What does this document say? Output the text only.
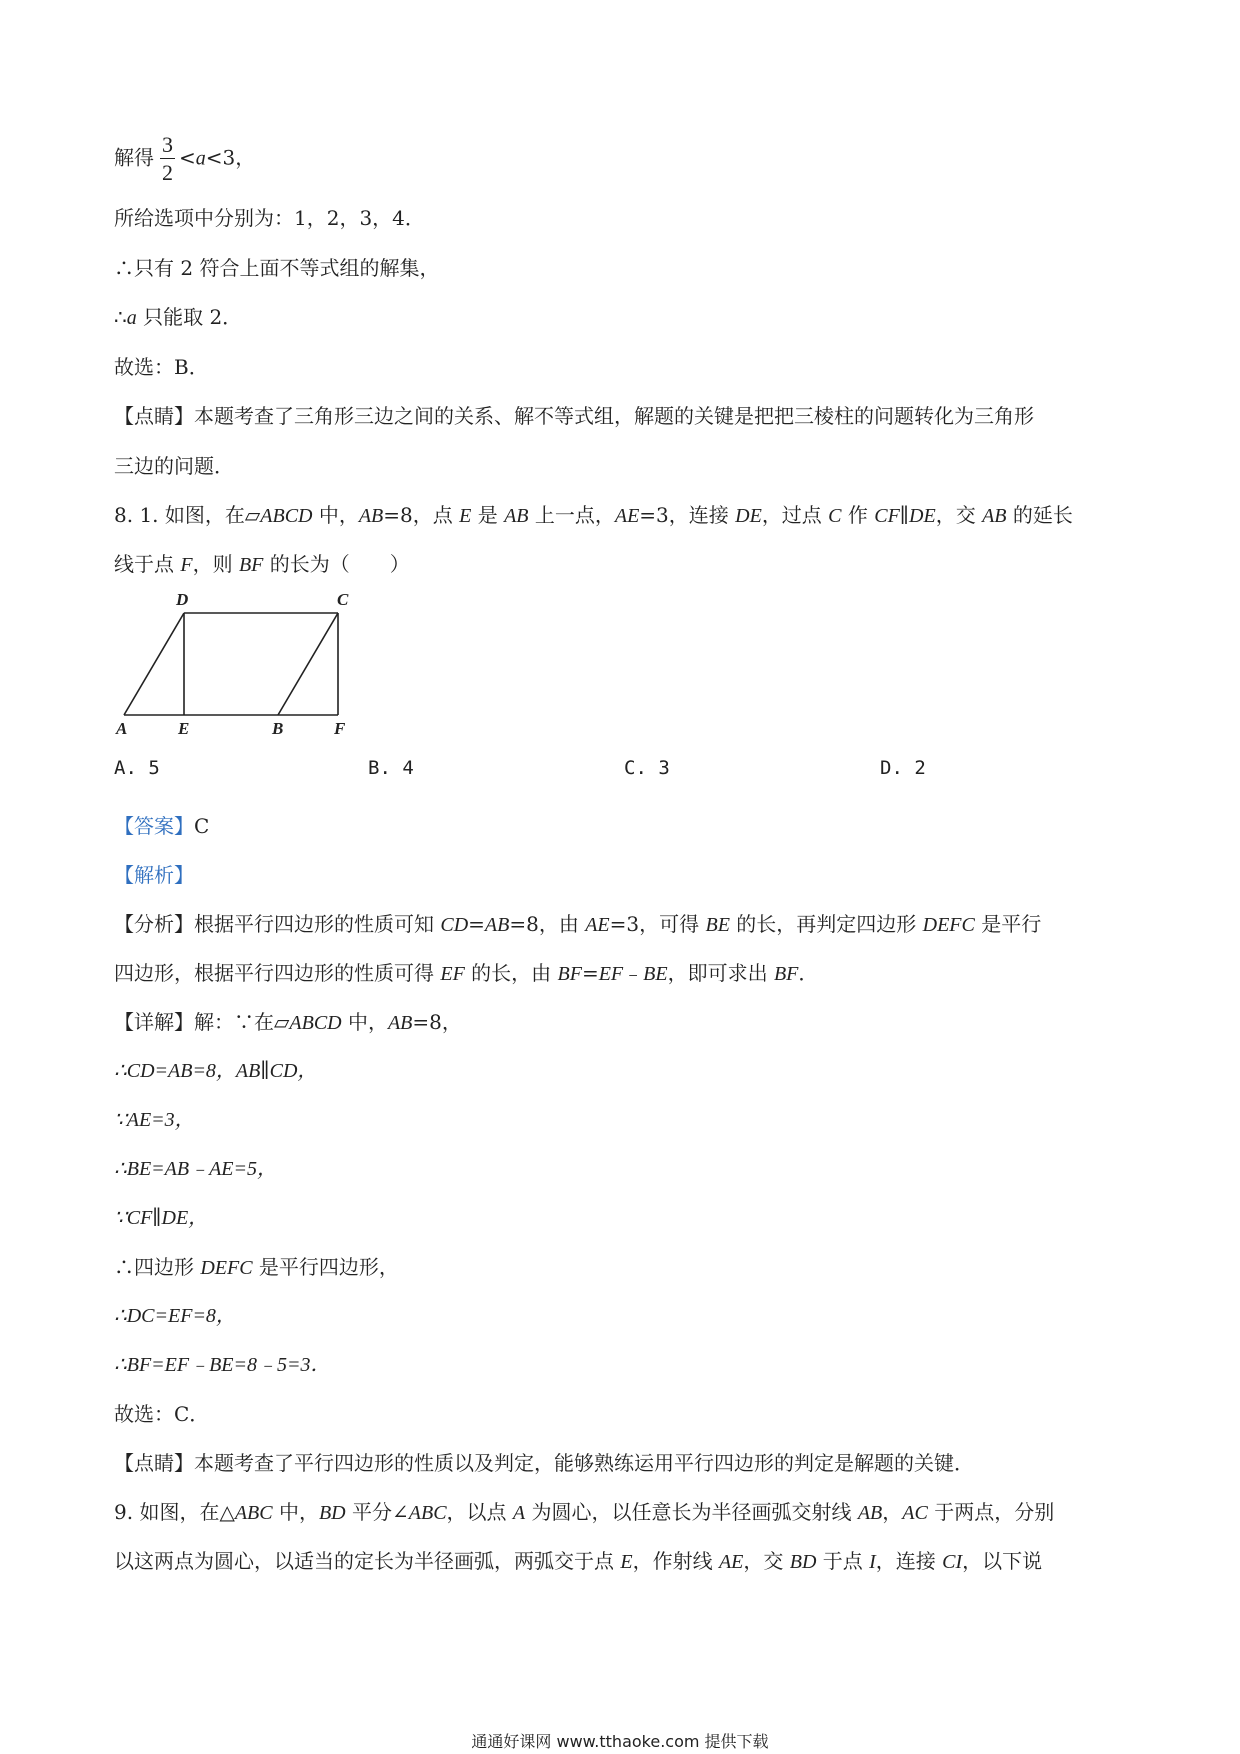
解得 $\frac{3}{2} <a<3$，
所给选项中分别为：1，2，3，4．
∴只有 2 符合上面不等式组的解集，
∴a 只能取 2．
故选：B．
【点睛】本题考查了三角形三边之间的关系、解不等式组，解题的关键是把把三棱柱的问题转化为三角形
三边的问题．
8. 1. 如图，在▱ABCD 中，AB=8，点 E 是 AB 上一点，AE=3，连接 DE，过点 C 作 CF∥DE，交 AB 的延长
线于点 F，则 BF 的长为（　　）
D	C
A	E	B	F
A. 5	B. 4	C. 3	D. 2
【答案】C
【解析】
【分析】根据平行四边形的性质可知 CD=AB=8，由 AE=3，可得 BE 的长，再判定四边形 DEFC 是平行
四边形，根据平行四边形的性质可得 EF 的长，由 BF=EF﹣BE，即可求出 BF．
【详解】解：∵在▱ABCD 中，AB=8，
∴CD=AB=8，AB∥CD，
∵AE=3，
∴BE=AB﹣AE=5，
∵CF∥DE，
∴四边形 DEFC 是平行四边形，
∴DC=EF=8，
∴BF=EF﹣BE=8﹣5=3．
故选：C．
【点睛】本题考查了平行四边形的性质以及判定，能够熟练运用平行四边形的判定是解题的关键．
9. 如图，在△ABC 中，BD 平分∠ABC，以点 A 为圆心，以任意长为半径画弧交射线 AB，AC 于两点，分别
以这两点为圆心，以适当的定长为半径画弧，两弧交于点 E，作射线 AE，交 BD 于点 I，连接 CI，以下说
通通好课网 www.tthaoke.com 提供下载
